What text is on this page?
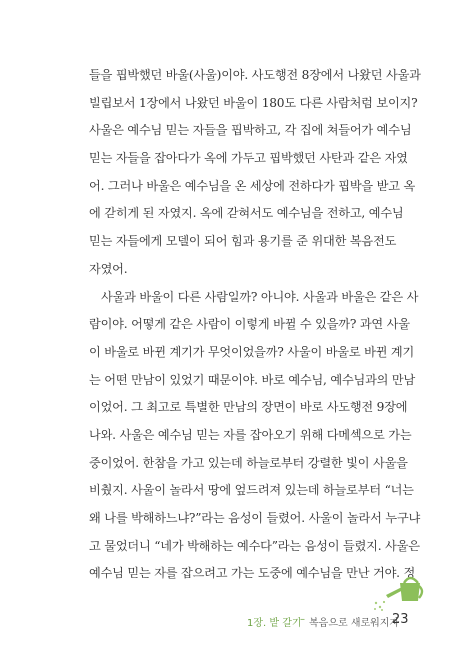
들을 핍박했던 바울(사울)이야. 사도행전 8장에서 나왔던 사울과
빌립보서 1장에서 나왔던 바울이 180도 다른 사람처럼 보이지?
사울은 예수님 믿는 자들을 핍박하고, 각 집에 쳐들어가 예수님
믿는 자들을 잡아다가 옥에 가두고 핍박했던 사탄과 같은 자였
어. 그러나 바울은 예수님을 온 세상에 전하다가 핍박을 받고 옥
에 갇히게 된 자였지. 옥에 갇혀서도 예수님을 전하고, 예수님
믿는 자들에게 모델이 되어 힘과 용기를 준 위대한 복음전도
자였어.
사울과 바울이 다른 사람일까? 아니야. 사울과 바울은 같은 사
람이야. 어떻게 같은 사람이 이렇게 바뀔 수 있을까? 과연 사울
이 바울로 바뀐 계기가 무엇이었을까? 사울이 바울로 바뀐 계기
는 어떤 만남이 있었기 때문이야. 바로 예수님, 예수님과의 만남
이었어. 그 최고로 특별한 만남의 장면이 바로 사도행전 9장에
나와. 사울은 예수님 믿는 자를 잡아오기 위해 다메섹으로 가는
중이었어. 한참을 가고 있는데 하늘로부터 강렬한 빛이 사울을
비췄지. 사울이 놀라서 땅에 엎드려져 있는데 하늘로부터 “너는
왜 나를 박해하느냐?”라는 음성이 들렸어. 사울이 놀라서 누구냐
고 물었더니 “네가 박해하는 예수다”라는 음성이 들렸지. 사울은
예수님 믿는 자를 잡으려고 가는 도중에 예수님을 만난 거야. 정
1장. 밭 갈기
– 복음으로 새로워지자
23
